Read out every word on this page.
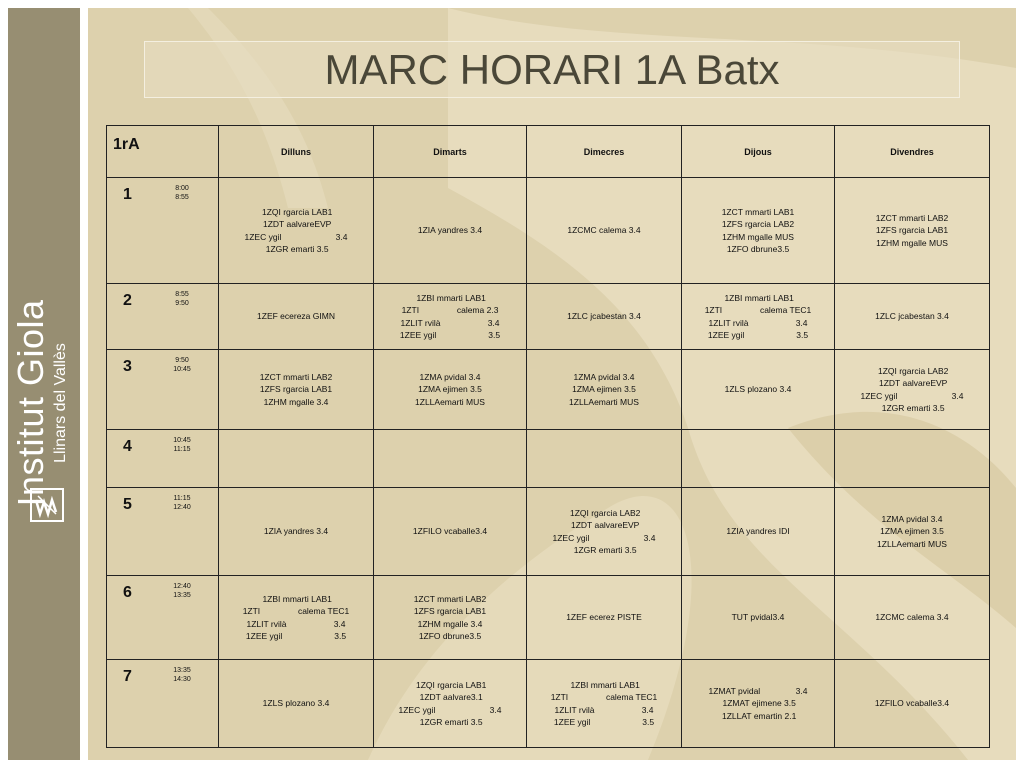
Institut Giola Llinars del Vallès
MARC HORARI 1A Batx
1rA	Dilluns	Dimarts	Dimecres	Dijous	Divendres

1 8:00
8:55	1ZQI rgarcia LAB1
1ZDT aalvareEVP
1ZEC ygil                       3.4
1ZGR emarti 3.5	1ZIA yandres 3.4	1ZCMC calema 3.4	1ZCT mmarti LAB1
1ZFS rgarcia LAB2
1ZHM mgalle MUS
1ZFO dbrune3.5	1ZCT mmarti LAB2
1ZFS rgarcia LAB1
1ZHM mgalle MUS

2 8:55
9:50	1ZEF ecereza GIMN	1ZBI mmarti LAB1
1ZTI                calema 2.3
1ZLIT rvilà                    3.4
1ZEE ygil                      3.5	1ZLC jcabestan 3.4	1ZBI mmarti LAB1
1ZTI                calema TEC1
1ZLIT rvilà                    3.4
1ZEE ygil                      3.5	1ZLC jcabestan 3.4

3 9:50
10:45	1ZCT mmarti LAB2
1ZFS rgarcia LAB1
1ZHM mgalle 3.4	1ZMA pvidal 3.4
1ZMA ejimen 3.5
1ZLLAemarti MUS	1ZMA pvidal 3.4
1ZMA ejimen 3.5
1ZLLAemarti MUS	1ZLS plozano 3.4	1ZQI rgarcia LAB2
1ZDT aalvareEVP
1ZEC ygil                       3.4
1ZGR emarti 3.5

4 10:45
11:15					

5 11:15
12:40	1ZIA yandres 3.4	1ZFILO vcaballe3.4	1ZQI rgarcia LAB2
1ZDT aalvareEVP
1ZEC ygil                       3.4
1ZGR emarti 3.5	1ZIA yandres IDI	1ZMA pvidal 3.4
1ZMA ejimen 3.5
1ZLLAemarti MUS

6 12:40
13:35	1ZBI mmarti LAB1
1ZTI                calema TEC1
1ZLIT rvilà                    3.4
1ZEE ygil                      3.5	1ZCT mmarti LAB2
1ZFS rgarcia LAB1
1ZHM mgalle 3.4
1ZFO dbrune3.5	1ZEF ecerez PISTE	TUT pvidal3.4	1ZCMC calema 3.4

7 13:35
14:30	1ZLS plozano 3.4	1ZQI rgarcia LAB1
1ZDT aalvare3.1
1ZEC ygil                       3.4
1ZGR emarti 3.5	1ZBI mmarti LAB1
1ZTI                calema TEC1
1ZLIT rvilà                    3.4
1ZEE ygil                      3.5	1ZMAT pvidal               3.4
1ZMAT ejimene 3.5
1ZLLAT emartin 2.1	1ZFILO vcaballe3.4
